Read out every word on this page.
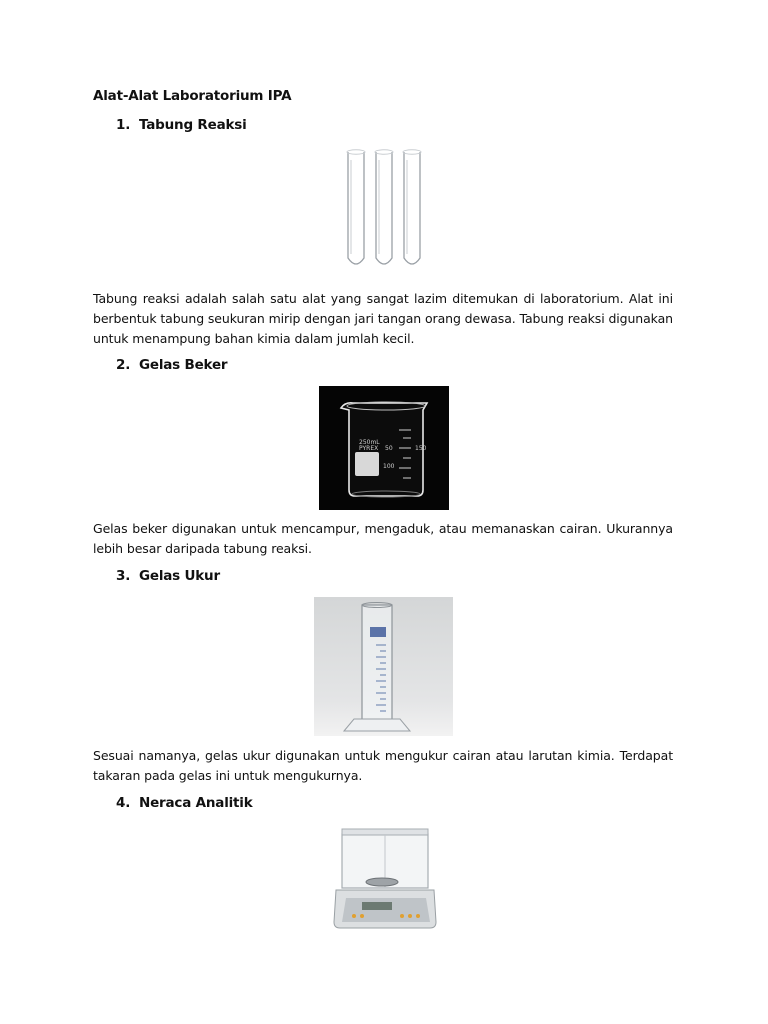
Alat-Alat Laboratorium IPA
1. Tabung Reaksi
Tabung reaksi adalah salah satu alat yang sangat lazim ditemukan di laboratorium. Alat ini berbentuk tabung seukuran mirip dengan jari tangan orang dewasa. Tabung reaksi digunakan untuk menampung bahan kimia dalam jumlah kecil.
2. Gelas Beker
250mL
PYREX 50
100
150
Gelas beker digunakan untuk mencampur, mengaduk, atau memanaskan cairan. Ukurannya lebih besar daripada tabung reaksi.
3. Gelas Ukur
Sesuai namanya, gelas ukur digunakan untuk mengukur cairan atau larutan kimia. Terdapat takaran pada gelas ini untuk mengukurnya.
4. Neraca Analitik
